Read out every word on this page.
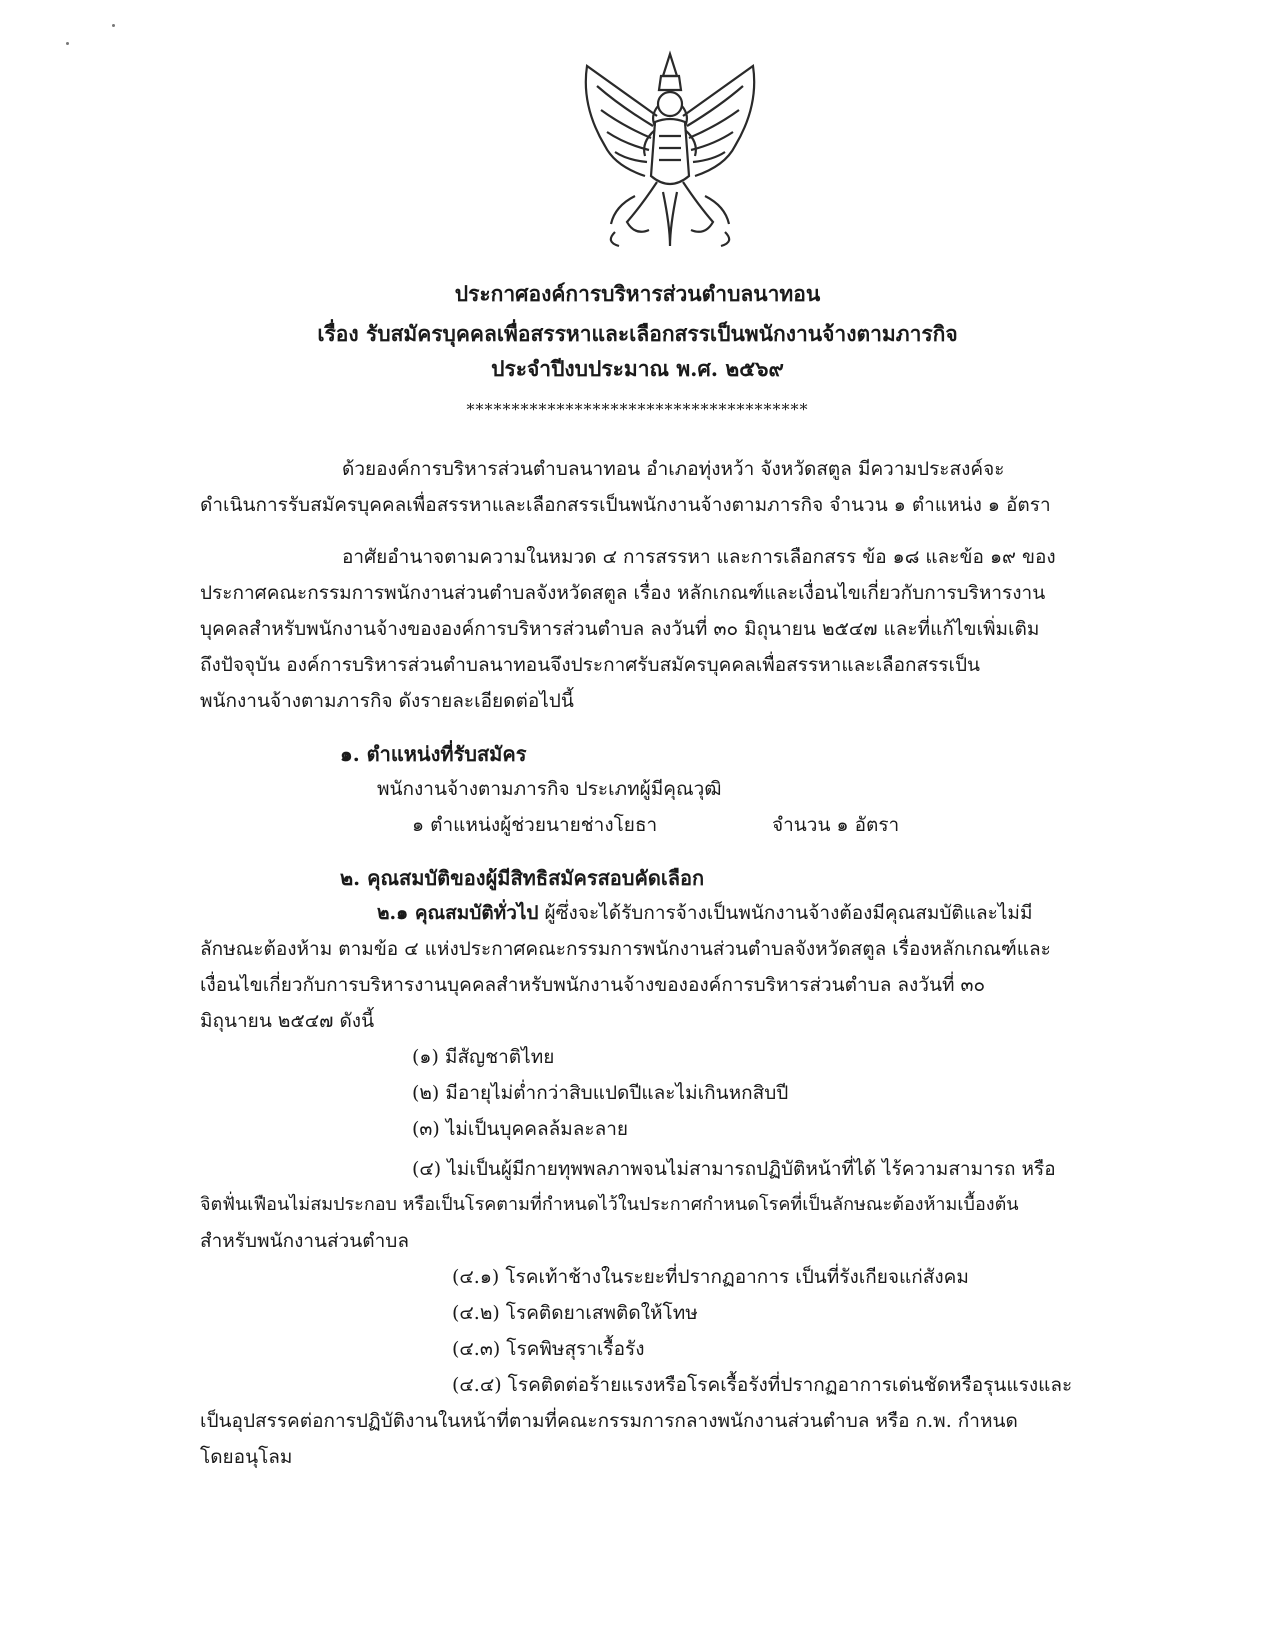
ประกาศองค์การบริหารส่วนตำบลนาทอน
เรื่อง รับสมัครบุคคลเพื่อสรรหาและเลือกสรรเป็นพนักงานจ้างตามภารกิจ
ประจำปีงบประมาณ พ.ศ. ๒๕๖๙
**************************************
ด้วยองค์การบริหารส่วนตำบลนาทอน อำเภอทุ่งหว้า จังหวัดสตูล มีความประสงค์จะ
ดำเนินการรับสมัครบุคคลเพื่อสรรหาและเลือกสรรเป็นพนักงานจ้างตามภารกิจ จำนวน ๑ ตำแหน่ง ๑ อัตรา
อาศัยอำนาจตามความในหมวด ๔ การสรรหา และการเลือกสรร ข้อ ๑๘ และข้อ ๑๙ ของ
ประกาศคณะกรรมการพนักงานส่วนตำบลจังหวัดสตูล เรื่อง หลักเกณฑ์และเงื่อนไขเกี่ยวกับการบริหารงาน
บุคคลสำหรับพนักงานจ้างขององค์การบริหารส่วนตำบล ลงวันที่ ๓๐ มิถุนายน ๒๕๔๗ และที่แก้ไขเพิ่มเติม
ถึงปัจจุบัน องค์การบริหารส่วนตำบลนาทอนจึงประกาศรับสมัครบุคคลเพื่อสรรหาและเลือกสรรเป็น
พนักงานจ้างตามภารกิจ ดังรายละเอียดต่อไปนี้
๑. ตำแหน่งที่รับสมัคร
พนักงานจ้างตามภารกิจ ประเภทผู้มีคุณวุฒิ
๑ ตำแหน่งผู้ช่วยนายช่างโยธา	จำนวน ๑ อัตรา
๒. คุณสมบัติของผู้มีสิทธิสมัครสอบคัดเลือก
๒.๑ คุณสมบัติทั่วไป ผู้ซึ่งจะได้รับการจ้างเป็นพนักงานจ้างต้องมีคุณสมบัติและไม่มี
ลักษณะต้องห้าม ตามข้อ ๔ แห่งประกาศคณะกรรมการพนักงานส่วนตำบลจังหวัดสตูล เรื่องหลักเกณฑ์และ
เงื่อนไขเกี่ยวกับการบริหารงานบุคคลสำหรับพนักงานจ้างขององค์การบริหารส่วนตำบล ลงวันที่ ๓๐
มิถุนายน ๒๕๔๗ ดังนี้
(๑) มีสัญชาติไทย
(๒) มีอายุไม่ต่ำกว่าสิบแปดปีและไม่เกินหกสิบปี
(๓) ไม่เป็นบุคคลล้มละลาย
(๔) ไม่เป็นผู้มีกายทุพพลภาพจนไม่สามารถปฏิบัติหน้าที่ได้ ไร้ความสามารถ หรือ
จิตฟั่นเฟือนไม่สมประกอบ หรือเป็นโรคตามที่กำหนดไว้ในประกาศกำหนดโรคที่เป็นลักษณะต้องห้ามเบื้องต้น
สำหรับพนักงานส่วนตำบล
(๔.๑) โรคเท้าช้างในระยะที่ปรากฏอาการ เป็นที่รังเกียจแก่สังคม
(๔.๒) โรคติดยาเสพติดให้โทษ
(๔.๓) โรคพิษสุราเรื้อรัง
(๔.๔) โรคติดต่อร้ายแรงหรือโรคเรื้อรังที่ปรากฏอาการเด่นชัดหรือรุนแรงและ
เป็นอุปสรรคต่อการปฏิบัติงานในหน้าที่ตามที่คณะกรรมการกลางพนักงานส่วนตำบล หรือ ก.พ. กำหนด
โดยอนุโลม
